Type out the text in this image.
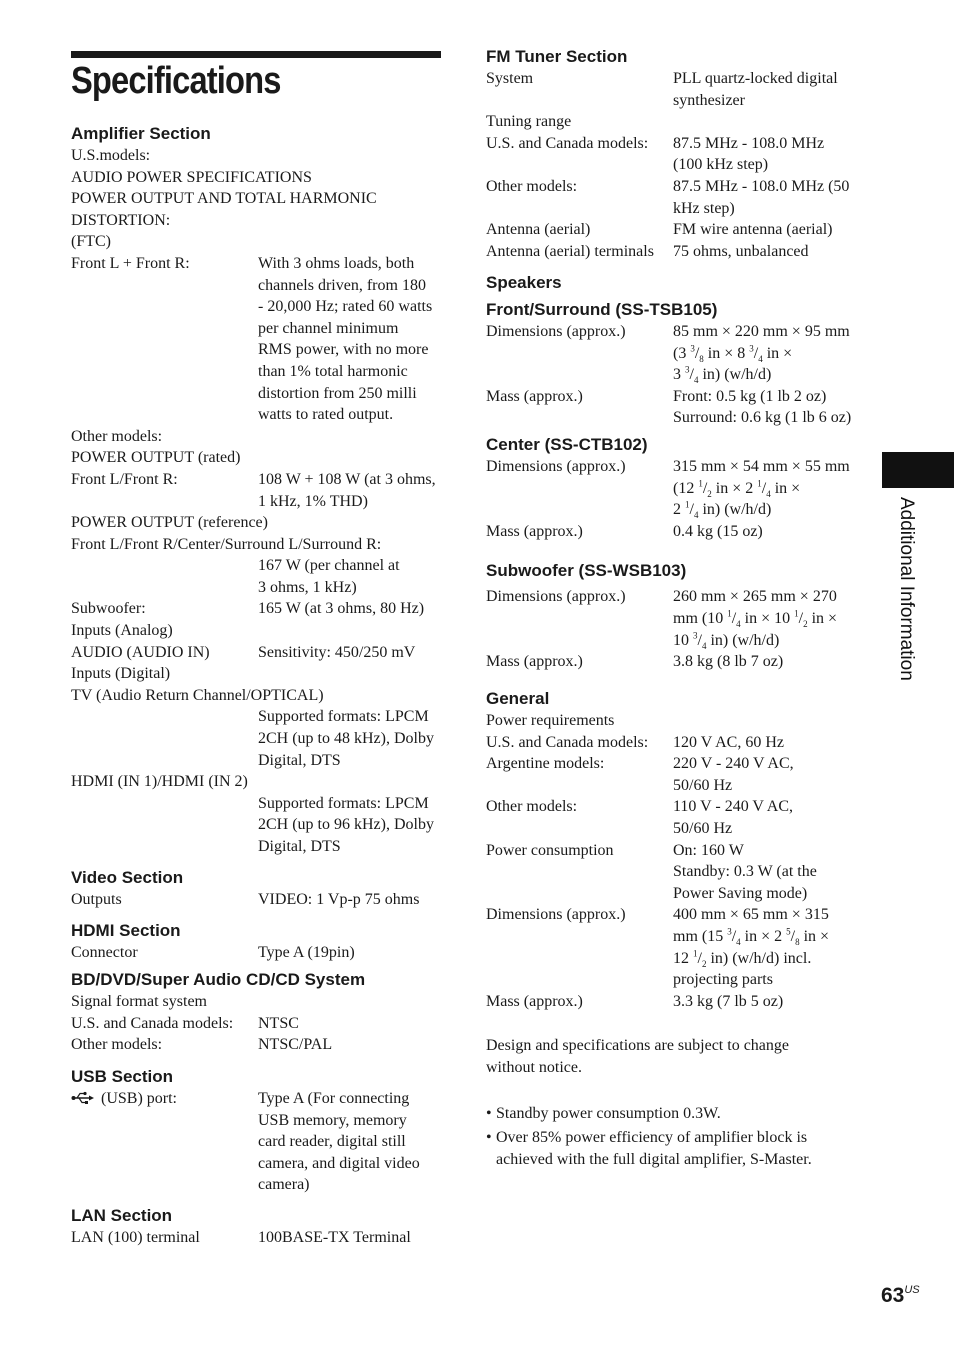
Specifications

Amplifier Section

U.S.models:

AUDIO POWER SPECIFICATIONS

POWER OUTPUT AND TOTAL HARMONIC

DISTORTION:

(FTC)

Front L + Front R:	With 3 ohms loads, both
channels driven, from 180
- 20,000 Hz; rated 60 watts
per channel minimum
RMS power, with no more
than 1% total harmonic
distortion from 250 milli
watts to rated output.

Other models:

POWER OUTPUT (rated)

Front L/Front R:	108 W + 108 W (at 3 ohms,
1 kHz, 1% THD)

POWER OUTPUT (reference)

Front L/Front R/Center/Surround L/Surround R:

167 W (per channel at
3 ohms, 1 kHz)
Subwoofer:	165 W (at 3 ohms, 80 Hz)

Inputs (Analog)

AUDIO (AUDIO IN)	Sensitivity: 450/250 mV

Inputs (Digital)

TV (Audio Return Channel/OPTICAL)

Supported formats: LPCM
2CH (up to 48 kHz), Dolby
Digital, DTS

HDMI (IN 1)/HDMI (IN 2)

Supported formats: LPCM
2CH (up to 96 kHz), Dolby
Digital, DTS

Video Section

Outputs	VIDEO: 1 Vp-p 75 ohms

HDMI Section

Connector	Type A (19pin)

BD/DVD/Super Audio CD/CD System

Signal format system

U.S. and Canada models:	NTSC
Other models:	NTSC/PAL

USB Section

(USB) port:	Type A (For connecting
USB memory, memory
card reader, digital still
camera, and digital video
camera)

LAN Section

LAN (100) terminal	100BASE-TX Terminal

FM Tuner Section

System	PLL quartz-locked digital
synthesizer

Tuning range

U.S. and Canada models:	87.5 MHz - 108.0 MHz
(100 kHz step)
Other models:	87.5 MHz - 108.0 MHz (50
kHz step)
Antenna (aerial)	FM wire antenna (aerial)
Antenna (aerial) terminals	75 ohms, unbalanced

Speakers

Front/Surround (SS-TSB105)

Dimensions (approx.)	85 mm × 220 mm × 95 mm
(3 $^3/_8$ in × 8 $^3/_4$ in ×
3 $^3/_4$ in) (w/h/d)
Mass (approx.)	Front: 0.5 kg (1 lb 2 oz)
Surround: 0.6 kg (1 lb 6 oz)

Center (SS-CTB102)

Dimensions (approx.)	315 mm × 54 mm × 55 mm
(12 $^1/_2$ in × 2 $^1/_4$ in ×
2 $^1/_4$ in) (w/h/d)
Mass (approx.)	0.4 kg (15 oz)

Subwoofer (SS-WSB103)

Dimensions (approx.)	260 mm × 265 mm × 270
mm (10 $^1/_4$ in × 10 $^1/_2$ in ×
10 $^3/_4$ in) (w/h/d)
Mass (approx.)	3.8 kg (8 lb 7 oz)

General

Power requirements

U.S. and Canada models:	120 V AC, 60 Hz
Argentine models:	220 V - 240 V AC,
50/60 Hz
Other models:	110 V - 240 V AC,
50/60 Hz
Power consumption	On: 160 W
Standby: 0.3 W (at the
Power Saving mode)
Dimensions (approx.)	400 mm × 65 mm × 315
mm (15 $^3/_4$ in × 2 $^5/_8$ in ×
12 $^1/_2$ in) (w/h/d) incl.
projecting parts
Mass (approx.)	3.3 kg (7 lb 5 oz)

Design and specifications are subject to change

without notice.

• Standby power consumption 0.3W.
• Over 85% power efficiency of amplifier block is
achieved with the full digital amplifier, S-Master.
Additional Information
$63^{US}$
